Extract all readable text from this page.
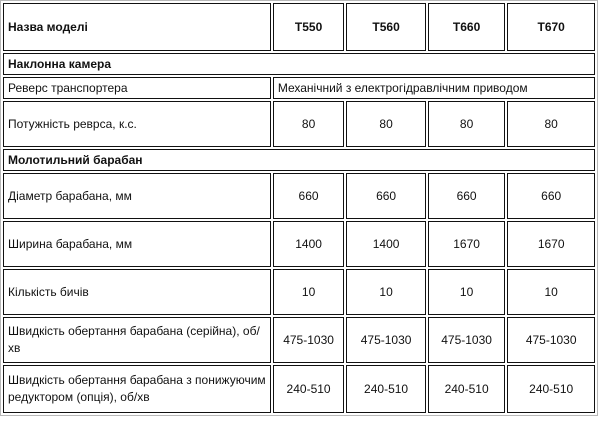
Назва моделі	T550	T560	T660	T670
Наклонна камера				
Реверс транспортера	Механічний з електрогідравлічним приводом			
Потужність реврса, к.с.	80	80	80	80
Молотильний барабан				
Діаметр барабана, мм	660	660	660	660
Ширина барабана, мм	1400	1400	1670	1670
Кількість бичів	10	10	10	10
Швидкість обертання барабана (серійна), об/хв	475-1030	475-1030	475-1030	475-1030
Швидкість обертання барабана з понижуючим редуктором (опція), об/хв	240-510	240-510	240-510	240-510
